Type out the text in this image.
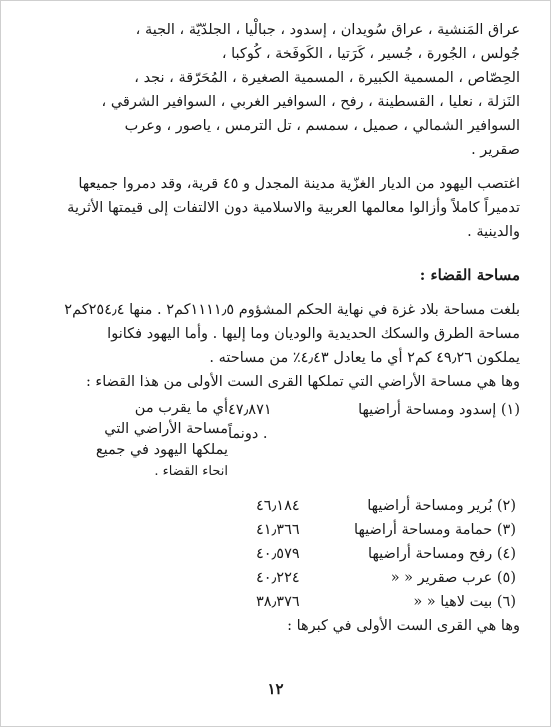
عراق المَنشية ، عراق سُويدان ، إسدود ، جبالْيا ، الجلدّيّة ، الجية ،

جُولس ، الجُورة ، جُسير ، كَرَتيا ، الكَوفَخة ، كُوكبا ،

الحِصّاص ، المسمية الكبيرة ، المسمية الصغيرة ، المُحَرّقة ، نجد ،

النَزلة ، نعليا ، القسطينة ، رفح ، السوافير الغربي ، السوافير الشرقي ،

السوافير الشمالي ، صميل ، سمسم ، تل الترمس ، ياصور ، وعرب

صقرير .

اغتصب اليهود من الديار الغزّية مدينة المجدل و ٤٥ قرية، وقد دمروا جميعها

تدميراً كاملاً وأزالوا معالمها العربية والاسلامية دون الالتفات إلى قيمتها الأثرية

والدينية .

مساحة القضاء :

بلغت مساحة بلاد غزة في نهاية الحكم المشؤوم ١١١١٫٥كم٢ . منها ٢٥٤٫٤كم٢

مساحة الطرق والسكك الحديدية والوديان وما إليها . وأما اليهود فكانوا

يملكون ٤٩٫٢٦ كم٢ أي ما يعادل ٤٫٤٣٪ من مساحته .

وها هي مساحة الأراضي التي تملكها القرى الست الأولى من هذا القضاء :

(١) إسدود ومساحة أراضيها
٤٧٫٨٧١ دونماً .

أي ما يقرب من

مساحة الأراضي التي

يملكها اليهود في جميع

انحاء القضاء .

(٢) بُرير ومساحة أراضيها
٤٦٫١٨٤
(٣) حمامة ومساحة أراضيها
٤١٫٣٦٦
(٤) رفح ومساحة أراضيها
٤٠٫٥٧٩
(٥) عرب صقرير « «
٤٠٫٢٢٤
(٦) بيت لاهيا « «
٣٨٫٣٧٦

وها هي القرى الست الأولى في كبرها :

١٢
